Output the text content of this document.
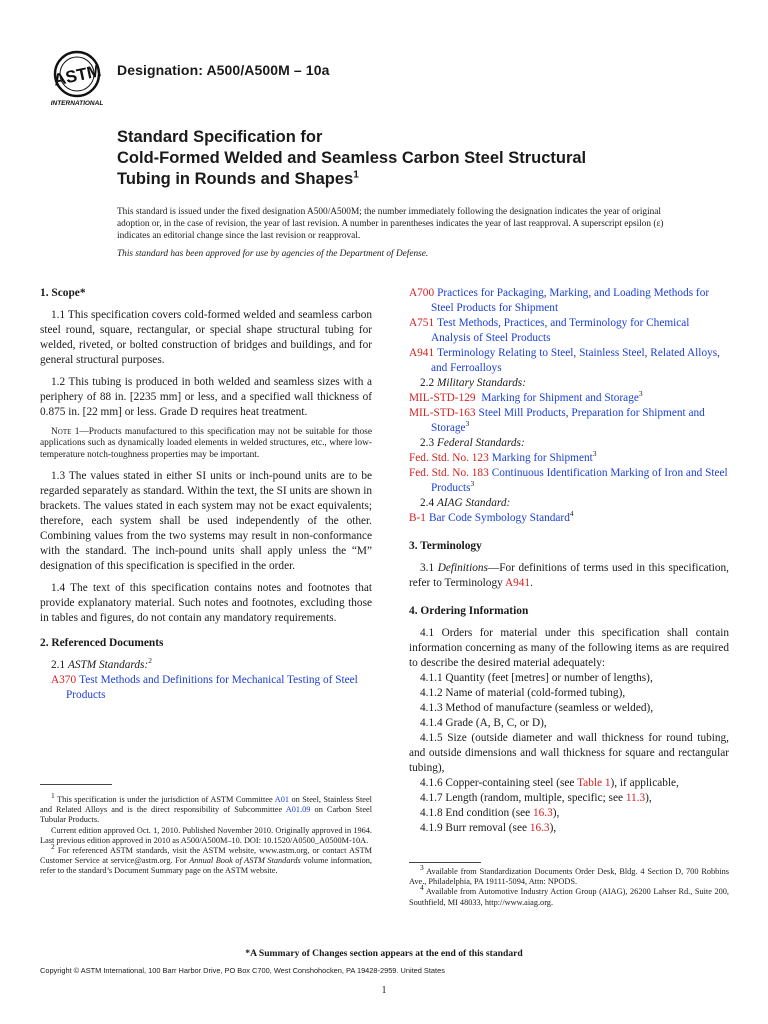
ASTM
INTERNATIONAL
Designation: A500/A500M – 10a
Standard Specification for
Cold-Formed Welded and Seamless Carbon Steel Structural
Tubing in Rounds and Shapes$^1$
This standard is issued under the fixed designation A500/A500M; the number immediately following the designation indicates the year of original adoption or, in the case of revision, the year of last revision. A number in parentheses indicates the year of last reapproval. A superscript epsilon (ε) indicates an editorial change since the last revision or reapproval.
This standard has been approved for use by agencies of the Department of Defense.
1. Scope*

1.1 This specification covers cold-formed welded and seamless carbon steel round, square, rectangular, or special shape structural tubing for welded, riveted, or bolted construction of bridges and buildings, and for general structural purposes.

1.2 This tubing is produced in both welded and seamless sizes with a periphery of 88 in. [2235 mm] or less, and a specified wall thickness of 0.875 in. [22 mm] or less. Grade D requires heat treatment.

Note 1—Products manufactured to this specification may not be suitable for those applications such as dynamically loaded elements in welded structures, etc., where low-temperature notch-toughness properties may be important.

1.3 The values stated in either SI units or inch-pound units are to be regarded separately as standard. Within the text, the SI units are shown in brackets. The values stated in each system may not be exact equivalents; therefore, each system shall be used independently of the other. Combining values from the two systems may result in non-conformance with the standard. The inch-pound units shall apply unless the “M” designation of this specification is specified in the order.

1.4 The text of this specification contains notes and footnotes that provide explanatory material. Such notes and footnotes, excluding those in tables and figures, do not contain any mandatory requirements.

2. Referenced Documents
2.1 ASTM Standards:$^2$
A370 Test Methods and Definitions for Mechanical Testing of Steel Products

$^1$ This specification is under the jurisdiction of ASTM Committee A01 on Steel, Stainless Steel and Related Alloys and is the direct responsibility of Subcommittee A01.09 on Carbon Steel Tubular Products.

Current edition approved Oct. 1, 2010. Published November 2010. Originally approved in 1964. Last previous edition approved in 2010 as A500/A500M–10. DOI: 10.1520/A0500_A0500M-10A.

$^2$ For referenced ASTM standards, visit the ASTM website, www.astm.org, or contact ASTM Customer Service at service@astm.org. For Annual Book of ASTM Standards volume information, refer to the standard’s Document Summary page on the ASTM website.

A700 Practices for Packaging, Marking, and Loading Methods for Steel Products for Shipment
A751 Test Methods, Practices, and Terminology for Chemical Analysis of Steel Products
A941 Terminology Relating to Steel, Stainless Steel, Related Alloys, and Ferroalloys
2.2 Military Standards:
MIL-STD-129 Marking for Shipment and Storage$^3$
MIL-STD-163 Steel Mill Products, Preparation for Shipment and Storage$^3$
2.3 Federal Standards:
Fed. Std. No. 123 Marking for Shipment$^3$
Fed. Std. No. 183 Continuous Identification Marking of Iron and Steel Products$^3$
2.4 AIAG Standard:
B-1 Bar Code Symbology Standard$^4$
3. Terminology

3.1 Definitions—For definitions of terms used in this specification, refer to Terminology A941.

4. Ordering Information

4.1 Orders for material under this specification shall contain information concerning as many of the following items as are required to describe the desired material adequately:

4.1.1 Quantity (feet [metres] or number of lengths),
4.1.2 Name of material (cold-formed tubing),
4.1.3 Method of manufacture (seamless or welded),
4.1.4 Grade (A, B, C, or D),
4.1.5 Size (outside diameter and wall thickness for round tubing, and outside dimensions and wall thickness for square and rectangular tubing),
4.1.6 Copper-containing steel (see Table 1), if applicable,
4.1.7 Length (random, multiple, specific; see 11.3),
4.1.8 End condition (see 16.3),
4.1.9 Burr removal (see 16.3),

$^3$ Available from Standardization Documents Order Desk, Bldg. 4 Section D, 700 Robbins Ave., Philadelphia, PA 19111-5094, Attn: NPODS.

$^4$ Available from Automotive Industry Action Group (AIAG), 26200 Lahser Rd., Suite 200, Southfield, MI 48033, http://www.aiag.org.

*A Summary of Changes section appears at the end of this standard
Copyright © ASTM International, 100 Barr Harbor Drive, PO Box C700, West Conshohocken, PA 19428-2959. United States
1
